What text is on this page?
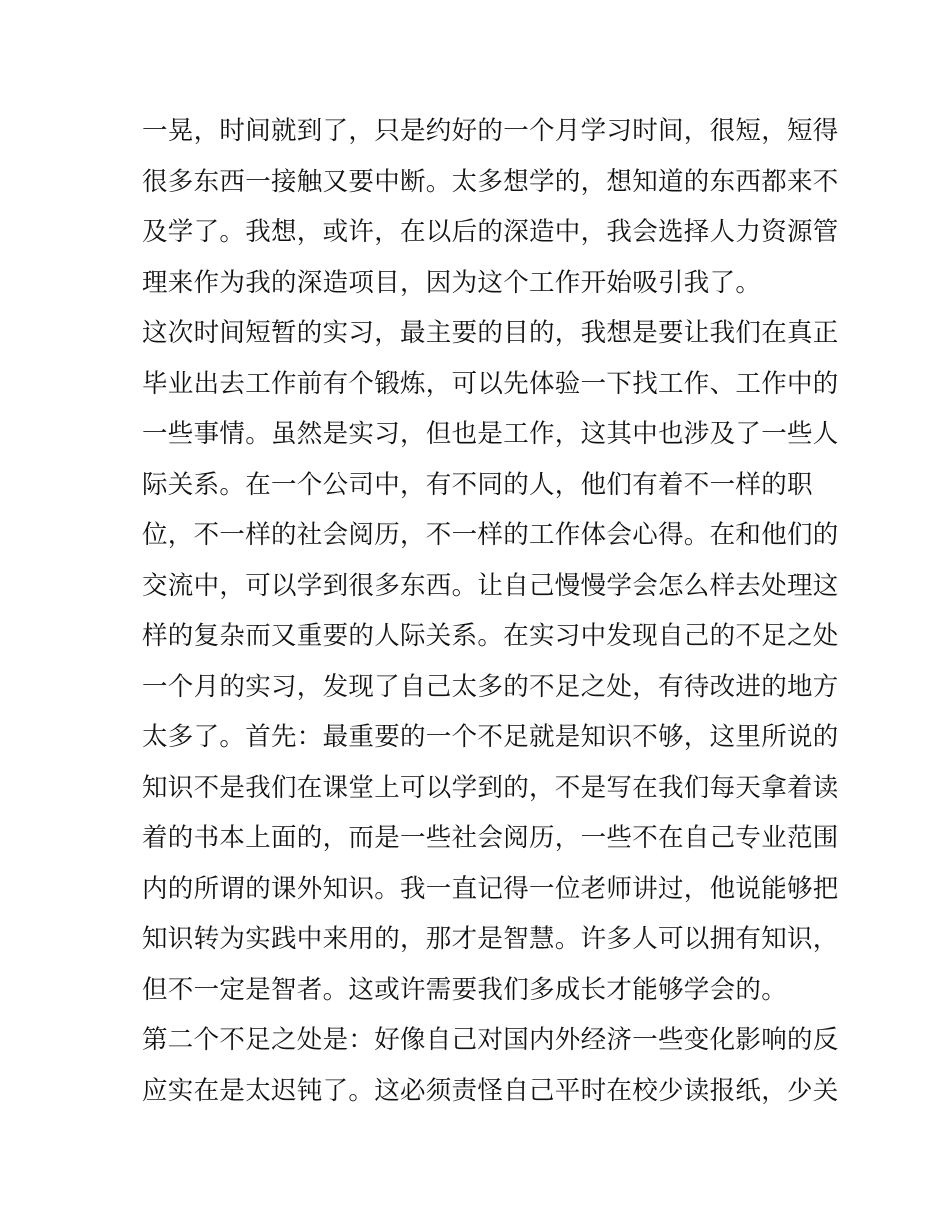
一晃，时间就到了，只是约好的一个月学习时间，很短，短得
很多东西一接触又要中断。太多想学的，想知道的东西都来不
及学了。我想，或许，在以后的深造中，我会选择人力资源管
理来作为我的深造项目，因为这个工作开始吸引我了。
这次时间短暂的实习，最主要的目的，我想是要让我们在真正
毕业出去工作前有个锻炼，可以先体验一下找工作、工作中的
一些事情。虽然是实习，但也是工作，这其中也涉及了一些人
际关系。在一个公司中，有不同的人，他们有着不一样的职
位，不一样的社会阅历，不一样的工作体会心得。在和他们的
交流中，可以学到很多东西。让自己慢慢学会怎么样去处理这
样的复杂而又重要的人际关系。在实习中发现自己的不足之处
一个月的实习，发现了自己太多的不足之处，有待改进的地方
太多了。首先：最重要的一个不足就是知识不够，这里所说的
知识不是我们在课堂上可以学到的，不是写在我们每天拿着读
着的书本上面的，而是一些社会阅历，一些不在自己专业范围
内的所谓的课外知识。我一直记得一位老师讲过，他说能够把
知识转为实践中来用的，那才是智慧。许多人可以拥有知识，
但不一定是智者。这或许需要我们多成长才能够学会的。
第二个不足之处是：好像自己对国内外经济一些变化影响的反
应实在是太迟钝了。这必须责怪自己平时在校少读报纸，少关
